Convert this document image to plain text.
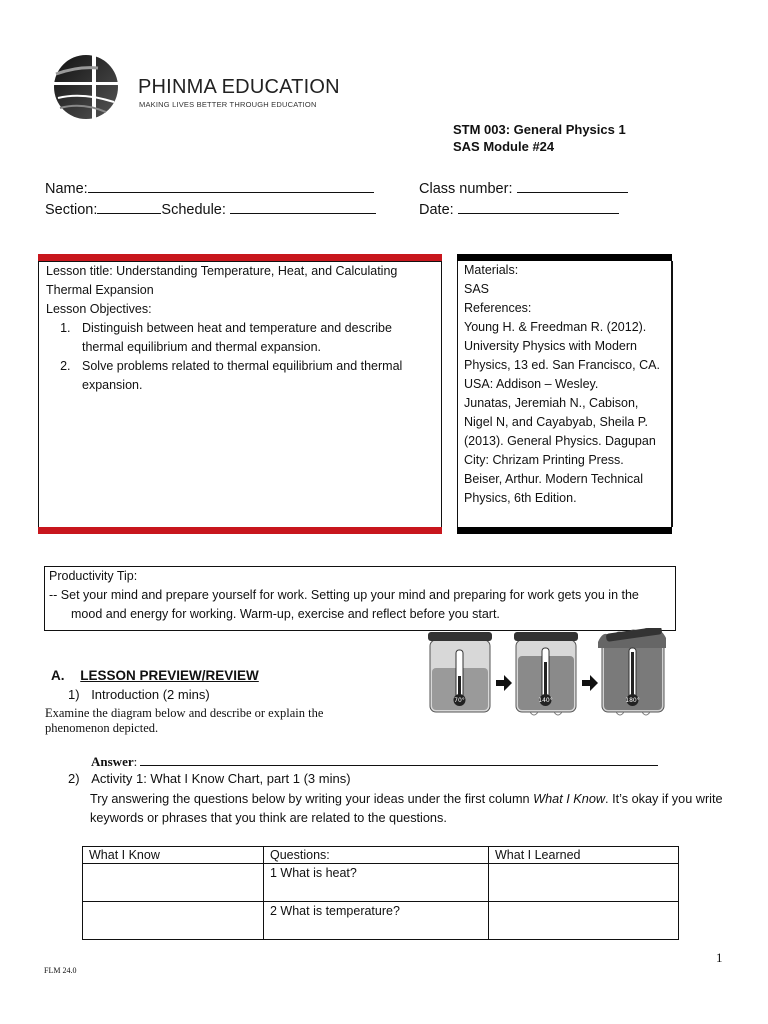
PHINMA EDUCATION
MAKING LIVES BETTER THROUGH EDUCATION
STM 003: General Physics 1
SAS Module #24
Name:
Section:	Schedule:
Class number:
Date:
Lesson title: Understanding Temperature, Heat, and Calculating Thermal Expansion
Lesson Objectives:
1. Distinguish between heat and temperature and describe thermal equilibrium and thermal expansion.
2. Solve problems related to thermal equilibrium and thermal expansion.
Materials:
SAS
References:
Young H. & Freedman R. (2012). University Physics with Modern Physics, 13 ed. San Francisco, CA. USA: Addison – Wesley.
Junatas, Jeremiah N., Cabison, Nigel N, and Cayabyab, Sheila P. (2013). General Physics. Dagupan City: Chrizam Printing Press.
Beiser, Arthur. Modern Technical Physics, 6th Edition.
Productivity Tip:
-- Set your mind and prepare yourself for work. Setting up your mind and preparing for work gets you in the mood and energy for working. Warm-up, exercise and reflect before you start.
A. LESSON PREVIEW/REVIEW
1) Introduction (2 mins)
Examine the diagram below and describe or explain the phenomenon depicted.
70°	140°	180°
Answer:
2) Activity 1: What I Know Chart, part 1 (3 mins)
Try answering the questions below by writing your ideas under the first column What I Know. It’s okay if you write keywords or phrases that you think are related to the questions.
What I Know	Questions:	What I Learned
	1 What is heat?	
	2 What is temperature?	
1
FLM 24.0
